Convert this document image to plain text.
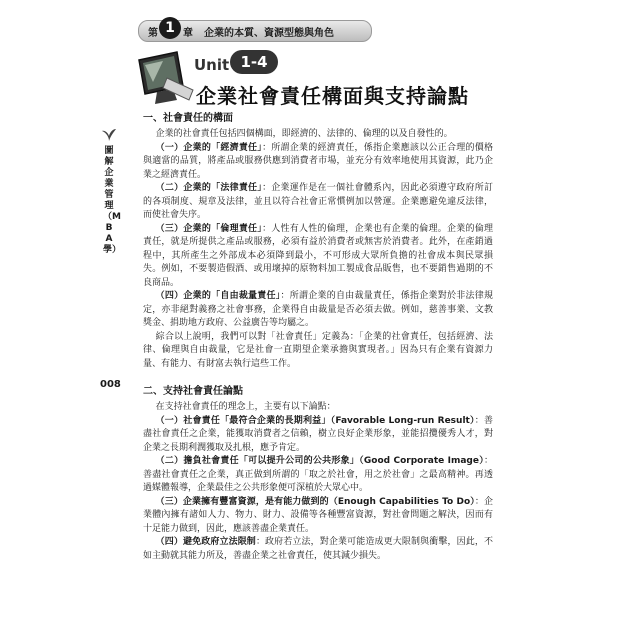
第 1 章 企業的本質、資源型態與角色
Unit 1-4
企業社會責任構面與支持論點
圖解企業管理（MBA學）
008
一、社會責任的構面

企業的社會責任包括四個構面，即經濟的、法律的、倫理的以及自發性的。

（一）企業的「經濟責任」：所謂企業的經濟責任，係指企業應該以公正合理的價格與適當的品質，將產品或服務供應到消費者市場，並充分有效率地使用其資源，此乃企業之經濟責任。

（二）企業的「法律責任」：企業運作是在一個社會體系內，因此必須遵守政府所訂的各項制度、規章及法律，並且以符合社會正常慣例加以營運。企業應避免違反法律，而使社會失序。

（三）企業的「倫理責任」：人性有人性的倫理，企業也有企業的倫理。企業的倫理責任，就是所提供之產品或服務，必須有益於消費者或無害於消費者。此外，在產銷過程中，其所產生之外部成本必須降到最小，不可形成大眾所負擔的社會成本與民眾損失。例如，不要製造假酒、或用壞掉的原物料加工製成食品販售，也不要銷售過期的不良商品。

（四）企業的「自由裁量責任」：所謂企業的自由裁量責任，係指企業對於非法律規定，亦非絕對義務之社會事務，企業得自由裁量是否必須去做。例如，慈善事業、文教獎金、捐助地方政府、公益廣告等均屬之。

綜合以上說明，我們可以對「社會責任」定義為：「企業的社會責任，包括經濟、法律、倫理與自由裁量，它是社會一直期望企業承擔與實現者。」因為只有企業有資源力量、有能力、有財富去執行這些工作。

二、支持社會責任論點

在支持社會責任的理念上，主要有以下論點：

（一）社會責任「最符合企業的長期利益」（Favorable Long-run Result）：善盡社會責任之企業，能獲取消費者之信賴，樹立良好企業形象，並能招攬優秀人才，對企業之長期利潤獲取及扎根，應予肯定。

（二）擔負社會責任「可以提升公司的公共形象」（Good Corporate Image）：善盡社會責任之企業，真正做到所謂的「取之於社會，用之於社會」之最高精神。再透過媒體報導，企業最佳之公共形象便可深植於大眾心中。

（三）企業擁有豐富資源，是有能力做到的（Enough Capabilities To Do）：企業體內擁有諸如人力、物力、財力、設備等各種豐富資源，對社會問題之解決，因而有十足能力做到，因此，應該善盡企業責任。

（四）避免政府立法限制：政府若立法，對企業可能造成更大限制與衝擊，因此，不如主動就其能力所及，善盡企業之社會責任，使其減少損失。
